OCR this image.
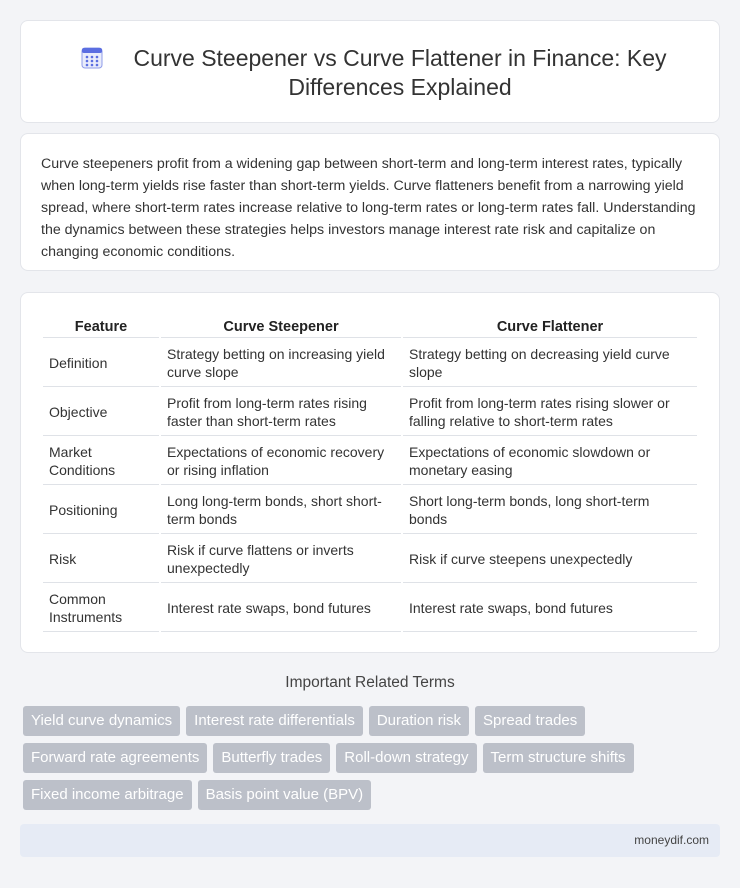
Curve Steepener vs Curve Flattener in Finance: Key Differences Explained

Curve steepeners profit from a widening gap between short-term and long-term interest rates, typically when long-term yields rise faster than short-term yields. Curve flatteners benefit from a narrowing yield spread, where short-term rates increase relative to long-term rates or long-term rates fall. Understanding the dynamics between these strategies helps investors manage interest rate risk and capitalize on changing economic conditions.

Feature	Curve Steepener	Curve Flattener
Definition	Strategy betting on increasing yield curve slope	Strategy betting on decreasing yield curve slope
Objective	Profit from long-term rates rising faster than short-term rates	Profit from long-term rates rising slower or falling relative to short-term rates
Market Conditions	Expectations of economic recovery or rising inflation	Expectations of economic slowdown or monetary easing
Positioning	Long long-term bonds, short short-term bonds	Short long-term bonds, long short-term bonds
Risk	Risk if curve flattens or inverts unexpectedly	Risk if curve steepens unexpectedly
Common Instruments	Interest rate swaps, bond futures	Interest rate swaps, bond futures
Important Related Terms
Yield curve dynamics	Interest rate differentials	Duration risk	Spread trades
Forward rate agreements	Butterfly trades	Roll-down strategy	Term structure shifts
Fixed income arbitrage	Basis point value (BPV)
moneydif.com
